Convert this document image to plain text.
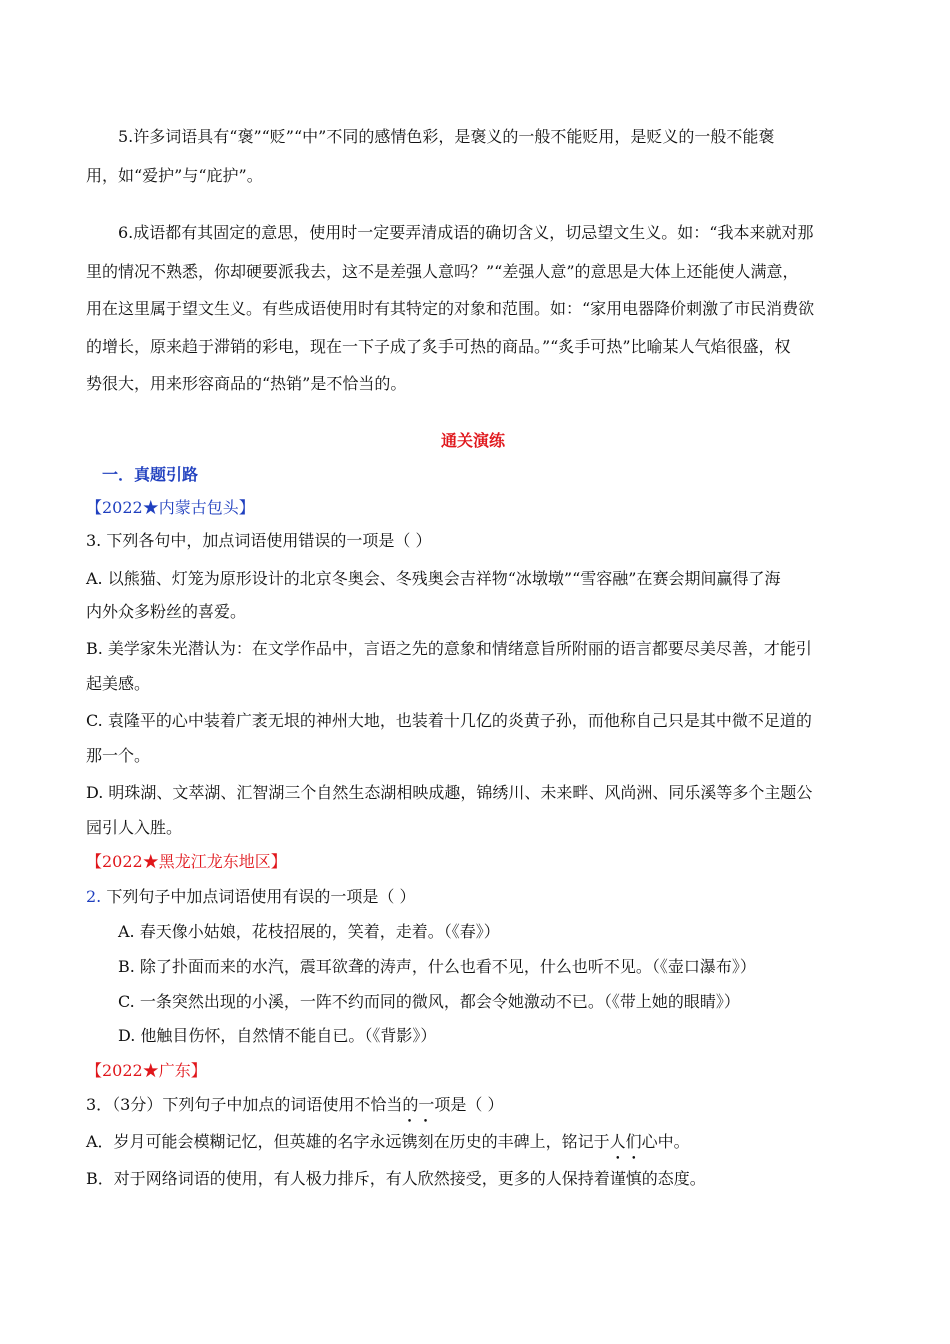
5.许多词语具有“褒”“贬”“中”不同的感情色彩，是褒义的一般不能贬用，是贬义的一般不能褒
用，如“爱护”与“庇护”。
6.成语都有其固定的意思，使用时一定要弄清成语的确切含义，切忌望文生义。如：“我本来就对那
里的情况不熟悉，你却硬要派我去，这不是差强人意吗？”“差强人意”的意思是大体上还能使人满意，
用在这里属于望文生义。有些成语使用时有其特定的对象和范围。如：“家用电器降价刺激了市民消费欲
的增长，原来趋于滞销的彩电，现在一下子成了炙手可热的商品。”“炙手可热”比喻某人气焰很盛，权
势很大，用来形容商品的“热销”是不恰当的。
通关演练
一．真题引路
【2022★内蒙古包头】
3. 下列各句中，加点词语使用错误的一项是（ ）
A. 以熊猫、灯笼为原形设计的北京冬奥会、冬残奥会吉祥物“冰墩墩”“雪容融”在赛会期间赢得了海
内外众多粉丝的喜爱。
B. 美学家朱光潜认为：在文学作品中，言语之先的意象和情绪意旨所附丽的语言都要尽美尽善，才能引
起美感。
C. 袁隆平的心中装着广袤无垠的神州大地，也装着十几亿的炎黄子孙，而他称自己只是其中微不足道的
那一个。
D. 明珠湖、文萃湖、汇智湖三个自然生态湖相映成趣，锦绣川、未来畔、风尚洲、同乐溪等多个主题公
园引人入胜。
【2022★黑龙江龙东地区】
2. 下列句子中加点词语使用有误的一项是（ ）
A. 春天像小姑娘，花枝招展的，笑着，走着。（《春》）
B. 除了扑面而来的水汽，震耳欲聋的涛声，什么也看不见，什么也听不见。（《壶口瀑布》）
C. 一条突然出现的小溪，一阵不约而同的微风，都会令她激动不已。（《带上她的眼睛》）
D. 他触目伤怀，自然情不能自已。（《背影》）
【2022★广东】
3．（3分）下列句子中加点的词语使用不恰当的一项是（ ）
A．岁月可能会模糊记忆，但英雄的名字永远镌刻在历史的丰碑上，铭记于人们心中。
B．对于网络词语的使用，有人极力排斥，有人欣然接受，更多的人保持着谨慎的态度。
